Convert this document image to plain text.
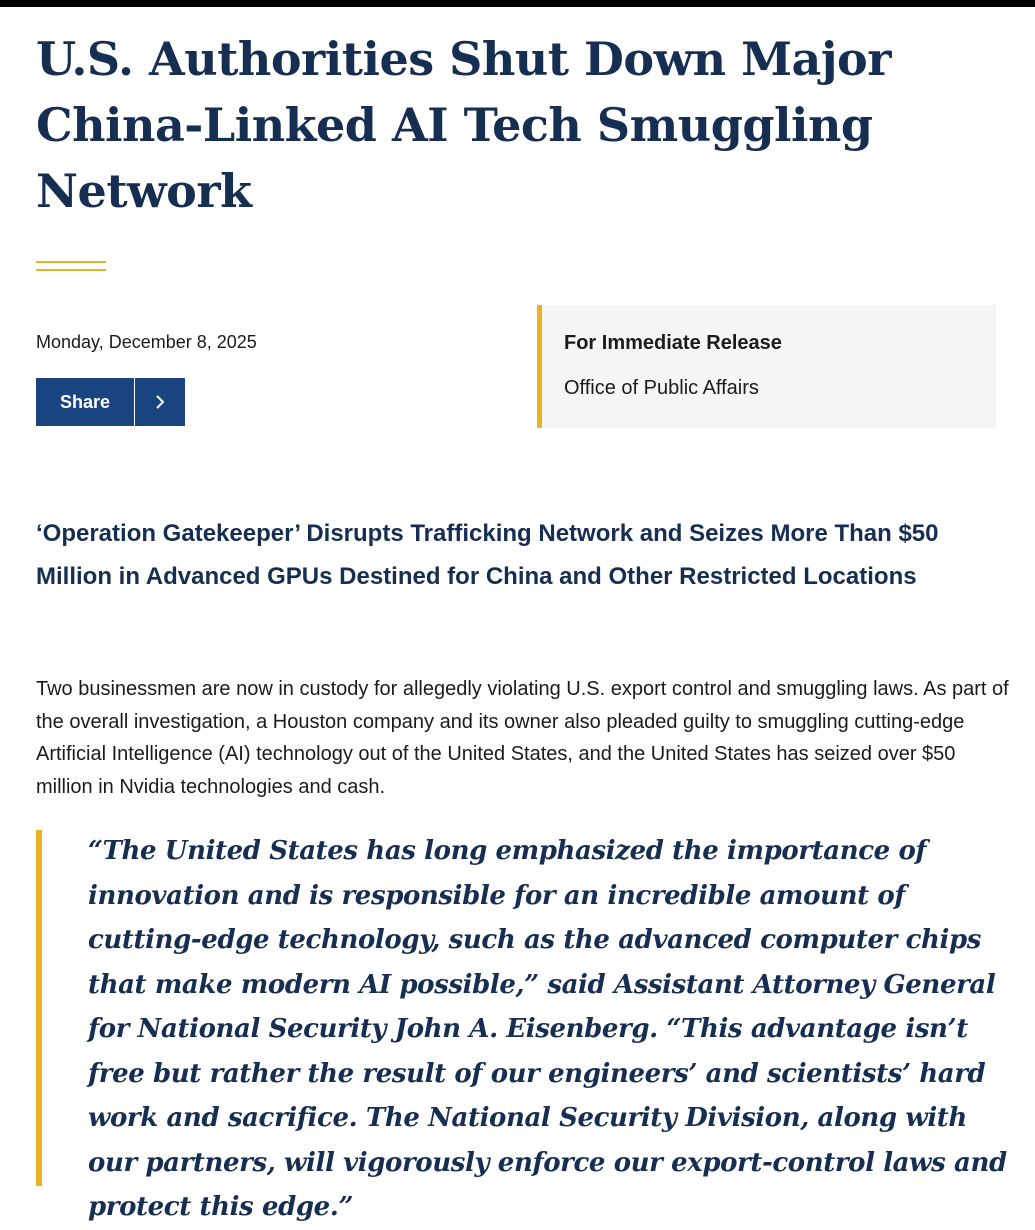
U.S. Authorities Shut Down Major China-Linked AI Tech Smuggling Network
Monday, December 8, 2025
Share
For Immediate Release
Office of Public Affairs
‘Operation Gatekeeper’ Disrupts Trafficking Network and Seizes More Than $50 Million in Advanced GPUs Destined for China and Other Restricted Locations

Two businessmen are now in custody for allegedly violating U.S. export control and smuggling laws. As part of the overall investigation, a Houston company and its owner also pleaded guilty to smuggling cutting-edge Artificial Intelligence (AI) technology out of the United States, and the United States has seized over $50 million in Nvidia technologies and cash.

“The United States has long emphasized the importance of innovation and is responsible for an incredible amount of cutting-edge technology, such as the advanced computer chips that make modern AI possible,” said Assistant Attorney General for National Security John A. Eisenberg. “This advantage isn’t free but rather the result of our engineers’ and scientists’ hard work and sacrifice. The National Security Division, along with our partners, will vigorously enforce our export-control laws and protect this edge.”
